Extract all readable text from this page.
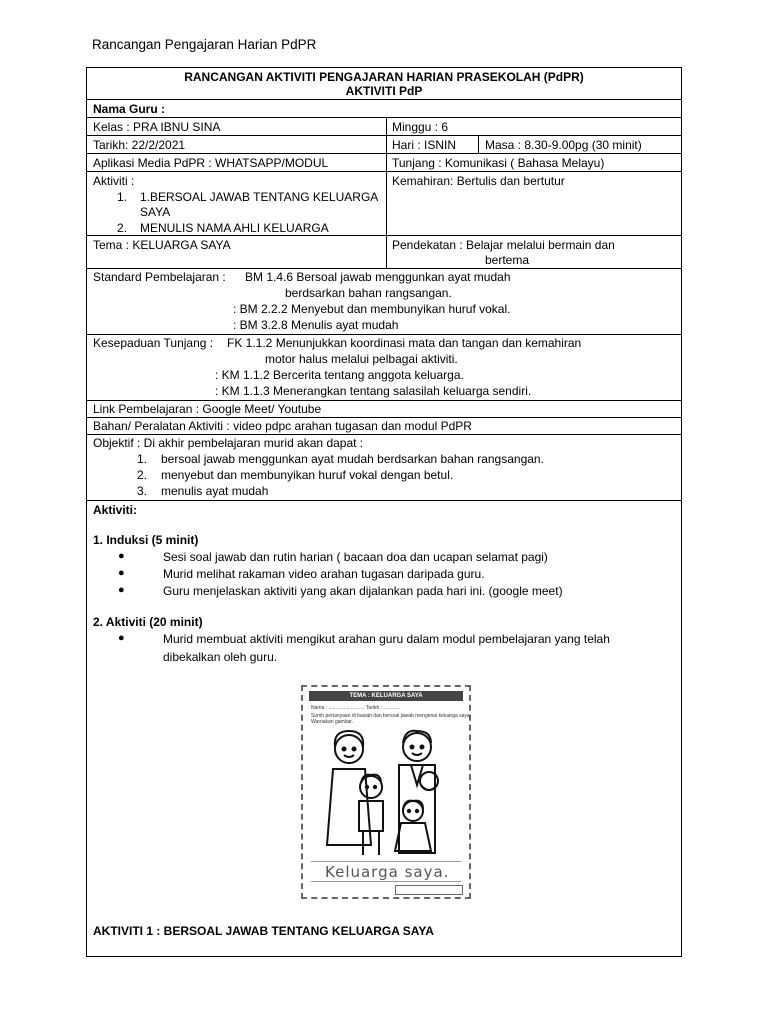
Rancangan Pengajaran Harian PdPR
RANCANGAN AKTIVITI PENGAJARAN HARIAN PRASEKOLAH (PdPR)
AKTIVITI PdP
Nama Guru :
Kelas : PRA IBNU SINA	Minggu : 6
Tarikh: 22/2/2021	Hari : ISNIN Masa : 8.30-9.00pg (30 minit)
Aplikasi Media PdPR : WHATSAPP/MODUL	Tunjang : Komunikasi ( Bahasa Melayu)
Aktiviti :
1. 1.BERSOAL JAWAB TENTANG KELUARGA
SAYA
2. MENULIS NAMA AHLI KELUARGA
Kemahiran: Bertulis dan bertutur
Tema : KELUARGA SAYA	Pendekatan : Belajar melalui bermain dan
bertema
Standard Pembelajaran : BM 1.4.6 Bersoal jawab menggunkan ayat mudah
berdsarkan bahan rangsangan.
: BM 2.2.2 Menyebut dan membunyikan huruf vokal.
: BM 3.2.8 Menulis ayat mudah
Kesepaduan Tunjang : FK 1.1.2 Menunjukkan koordinasi mata dan tangan dan kemahiran
motor halus melalui pelbagai aktiviti.
: KM 1.1.2 Bercerita tentang anggota keluarga.
: KM 1.1.3 Menerangkan tentang salasilah keluarga sendiri.
Link Pembelajaran : Google Meet/ Youtube
Bahan/ Peralatan Aktiviti : video pdpc arahan tugasan dan modul PdPR
Objektif : Di akhir pembelajaran murid akan dapat :
1. bersoal jawab menggunkan ayat mudah berdsarkan bahan rangsangan.
2. menyebut dan membunyikan huruf vokal dengan betul.
3. menulis ayat mudah
Aktiviti:
1. Induksi (5 minit)
●	Sesi soal jawab dan rutin harian ( bacaan doa dan ucapan selamat pagi)
●	Murid melihat rakaman video arahan tugasan daripada guru.
●	Guru menjelaskan aktiviti yang akan dijalankan pada hari ini. (google meet)
2. Aktiviti (20 minit)
●	Murid membuat aktiviti mengikut arahan guru dalam modul pembelajaran yang telah
dibekalkan oleh guru.
TEMA : KELUARGA SAYA
Nama : .......................... Tarikh : ............
Sumh pertanyaan di bawah dan bersoal jawab mengenai keluarga saya.
Warnakan gambar.
Keluarga saya.
AKTIVITI 1 : BERSOAL JAWAB TENTANG KELUARGA SAYA
